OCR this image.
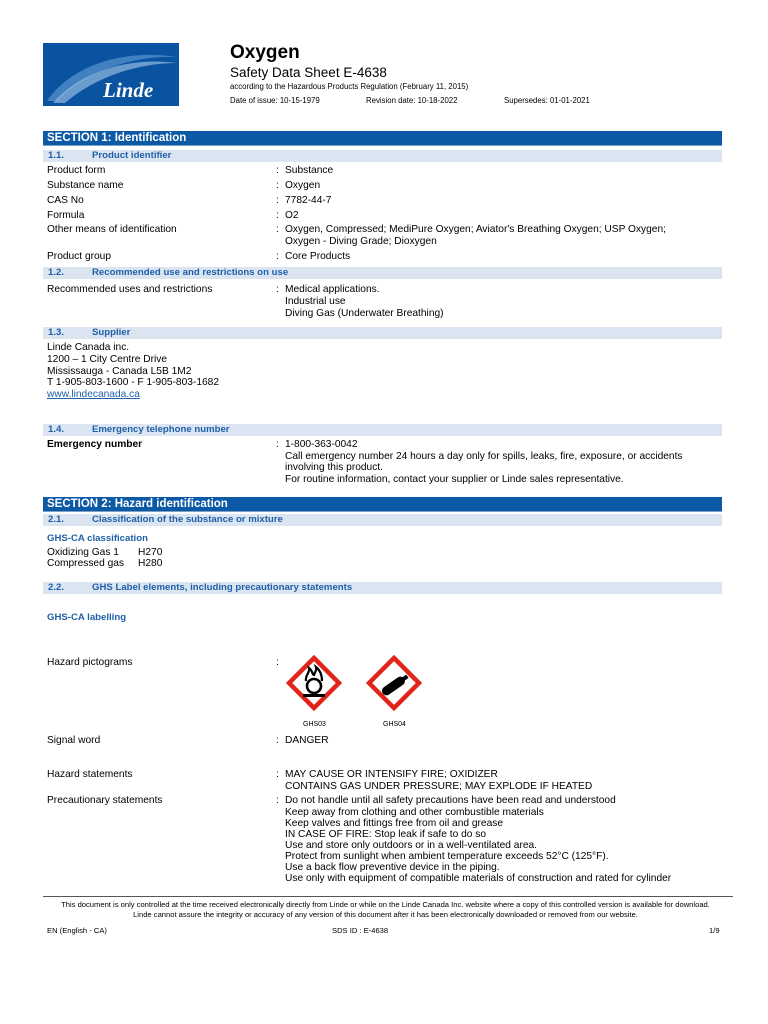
Linde
Oxygen
Safety Data Sheet E-4638
according to the Hazardous Products Regulation (February 11, 2015)
Date of issue: 10-15-1979	Revision date: 10-18-2022	Supersedes: 01-01-2021
SECTION 1: Identification
1.1.	Product identifier
Product form	: Substance
Substance name	: Oxygen
CAS No	: 7782-44-7
Formula	: O2
Other means of identification	: Oxygen, Compressed; MediPure Oxygen; Aviator's Breathing Oxygen; USP Oxygen;
Oxygen - Diving Grade; Dioxygen
Product group	: Core Products
1.2.	Recommended use and restrictions on use
Recommended uses and restrictions	: Medical applications.
Industrial use
Diving Gas (Underwater Breathing)
1.3.	Supplier
Linde Canada inc.
1200 – 1 City Centre Drive
Mississauga - Canada L5B 1M2
T 1-905-803-1600 - F 1-905-803-1682
www.lindecanada.ca
1.4.	Emergency telephone number
Emergency number	: 1-800-363-0042
Call emergency number 24 hours a day only for spills, leaks, fire, exposure, or accidents
involving this product.
For routine information, contact your supplier or Linde sales representative.
SECTION 2: Hazard identification
2.1.	Classification of the substance or mixture
GHS-CA classification
Oxidizing Gas 1 H270
Compressed gas H280
2.2.	GHS Label elements, including precautionary statements
GHS-CA labelling
Hazard pictograms	:
GHS03	GHS04
Signal word	: DANGER
Hazard statements	: MAY CAUSE OR INTENSIFY FIRE; OXIDIZER
CONTAINS GAS UNDER PRESSURE; MAY EXPLODE IF HEATED
Precautionary statements	: Do not handle until all safety precautions have been read and understood
Keep away from clothing and other combustible materials
Keep valves and fittings free from oil and grease
IN CASE OF FIRE: Stop leak if safe to do so
Use and store only outdoors or in a well-ventilated area.
Protect from sunlight when ambient temperature exceeds 52°C (125°F).
Use a back flow preventive device in the piping.
Use only with equipment of compatible materials of construction and rated for cylinder
This document is only controlled at the time received electronically directly from Linde or while on the Linde Canada Inc. website where a copy of this controlled version is available for download.
Linde cannot assure the integrity or accuracy of any version of this document after it has been electronically downloaded or removed from our website.
EN (English - CA)	SDS ID : E-4638	1/9
